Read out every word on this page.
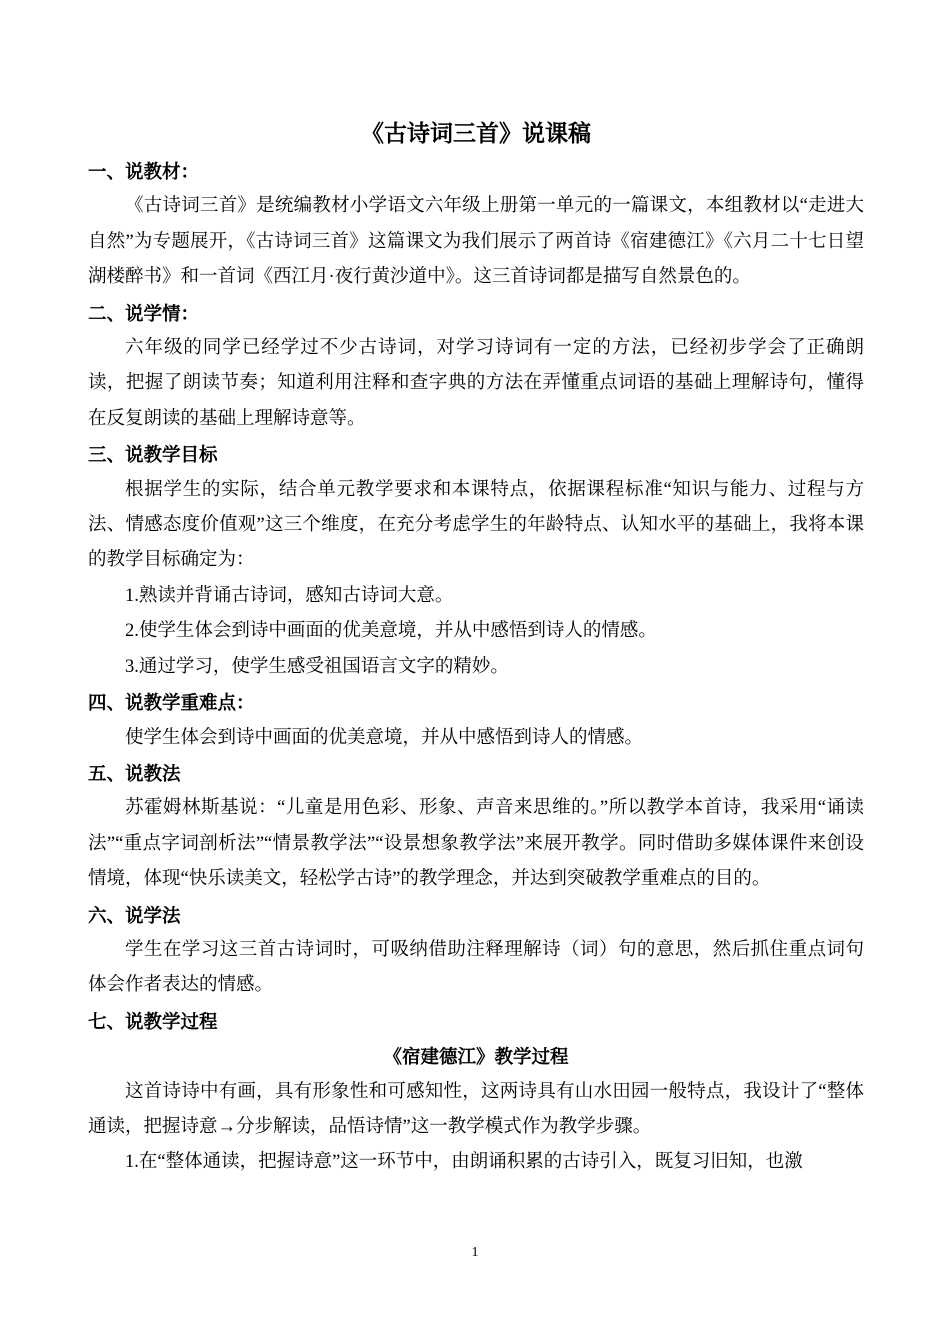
《古诗词三首》说课稿
一、说教材：

《古诗词三首》是统编教材小学语文六年级上册第一单元的一篇课文，本组教材以“走进大自然”为专题展开，《古诗词三首》这篇课文为我们展示了两首诗《宿建德江》《六月二十七日望湖楼醉书》和一首词《西江月·夜行黄沙道中》。这三首诗词都是描写自然景色的。

二、说学情：

六年级的同学已经学过不少古诗词，对学习诗词有一定的方法，已经初步学会了正确朗读，把握了朗读节奏；知道利用注释和查字典的方法在弄懂重点词语的基础上理解诗句，懂得在反复朗读的基础上理解诗意等。

三、说教学目标

根据学生的实际，结合单元教学要求和本课特点，依据课程标准“知识与能力、过程与方法、情感态度价值观”这三个维度，在充分考虑学生的年龄特点、认知水平的基础上，我将本课的教学目标确定为：

1.熟读并背诵古诗词，感知古诗词大意。

2.使学生体会到诗中画面的优美意境，并从中感悟到诗人的情感。

3.通过学习，使学生感受祖国语言文字的精妙。

四、说教学重难点：

使学生体会到诗中画面的优美意境，并从中感悟到诗人的情感。

五、说教法

苏霍姆林斯基说：“儿童是用色彩、形象、声音来思维的。”所以教学本首诗，我采用“诵读法”“重点字词剖析法”“情景教学法”“设景想象教学法”来展开教学。同时借助多媒体课件来创设情境，体现“快乐读美文，轻松学古诗”的教学理念，并达到突破教学重难点的目的。

六、说学法

学生在学习这三首古诗词时，可吸纳借助注释理解诗（词）句的意思，然后抓住重点词句体会作者表达的情感。

七、说教学过程

《宿建德江》教学过程

这首诗诗中有画，具有形象性和可感知性，这两诗具有山水田园一般特点，我设计了“整体通读，把握诗意→分步解读，品悟诗情”这一教学模式作为教学步骤。

1.在“整体通读，把握诗意”这一环节中，由朗诵积累的古诗引入，既复习旧知，也激

1
